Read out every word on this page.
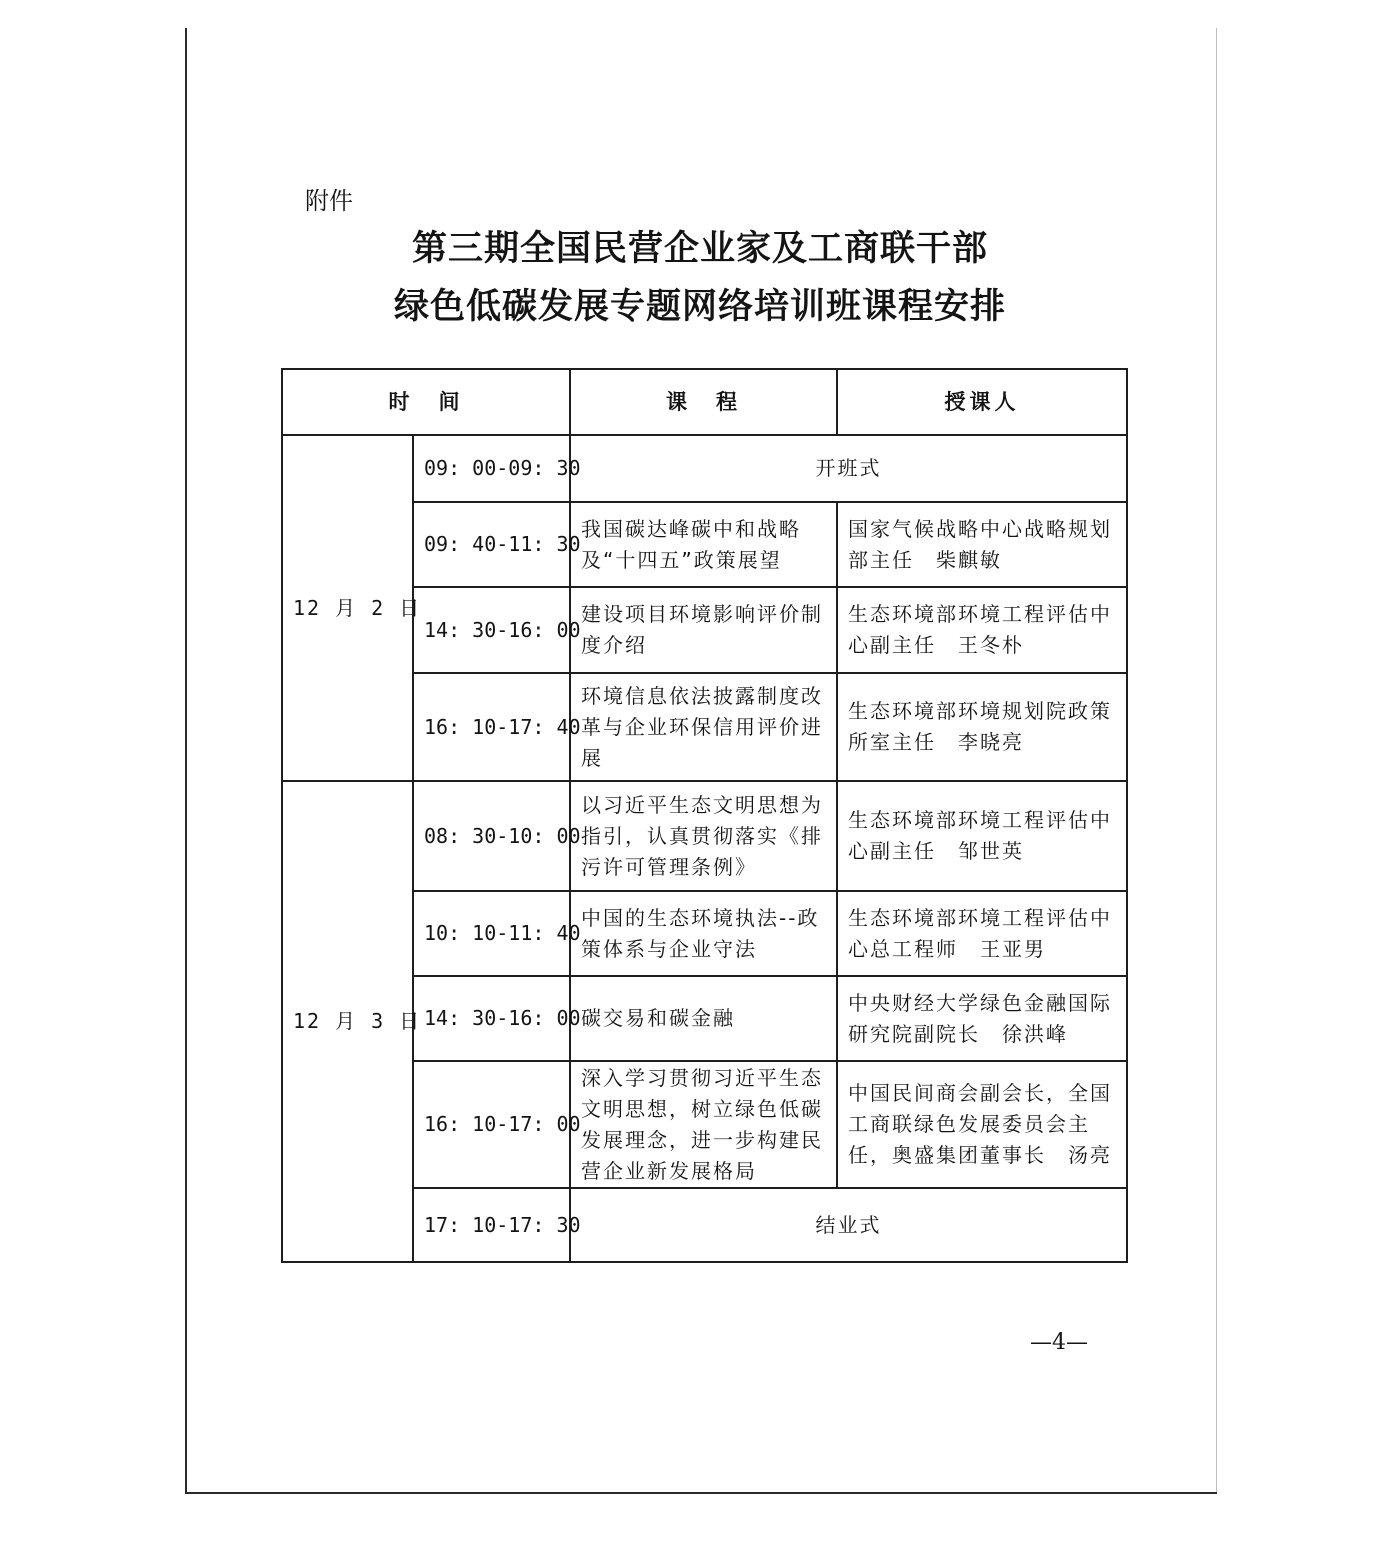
附件
第三期全国民营企业家及工商联干部
绿色低碳发展专题网络培训班课程安排
时　间		课　程	授课人
12 月 2 日	09: 00-09: 30	开班式	
	09: 40-11: 30	我国碳达峰碳中和战略及“十四五”政策展望	国家气候战略中心战略规划部主任　柴麒敏
	14: 30-16: 00	建设项目环境影响评价制度介绍	生态环境部环境工程评估中心副主任　王冬朴
	16: 10-17: 40	环境信息依法披露制度改革与企业环保信用评价进展	生态环境部环境规划院政策所室主任　李晓亮
12 月 3 日	08: 30-10: 00	以习近平生态文明思想为指引，认真贯彻落实《排污许可管理条例》	生态环境部环境工程评估中心副主任　邹世英
	10: 10-11: 40	中国的生态环境执法--政策体系与企业守法	生态环境部环境工程评估中心总工程师　王亚男
	14: 30-16: 00	碳交易和碳金融	中央财经大学绿色金融国际研究院副院长　徐洪峰
	16: 10-17: 00	深入学习贯彻习近平生态文明思想，树立绿色低碳发展理念，进一步构建民营企业新发展格局	中国民间商会副会长，全国工商联绿色发展委员会主任，奥盛集团董事长　汤亮
	17: 10-17: 30	结业式	
—4—
